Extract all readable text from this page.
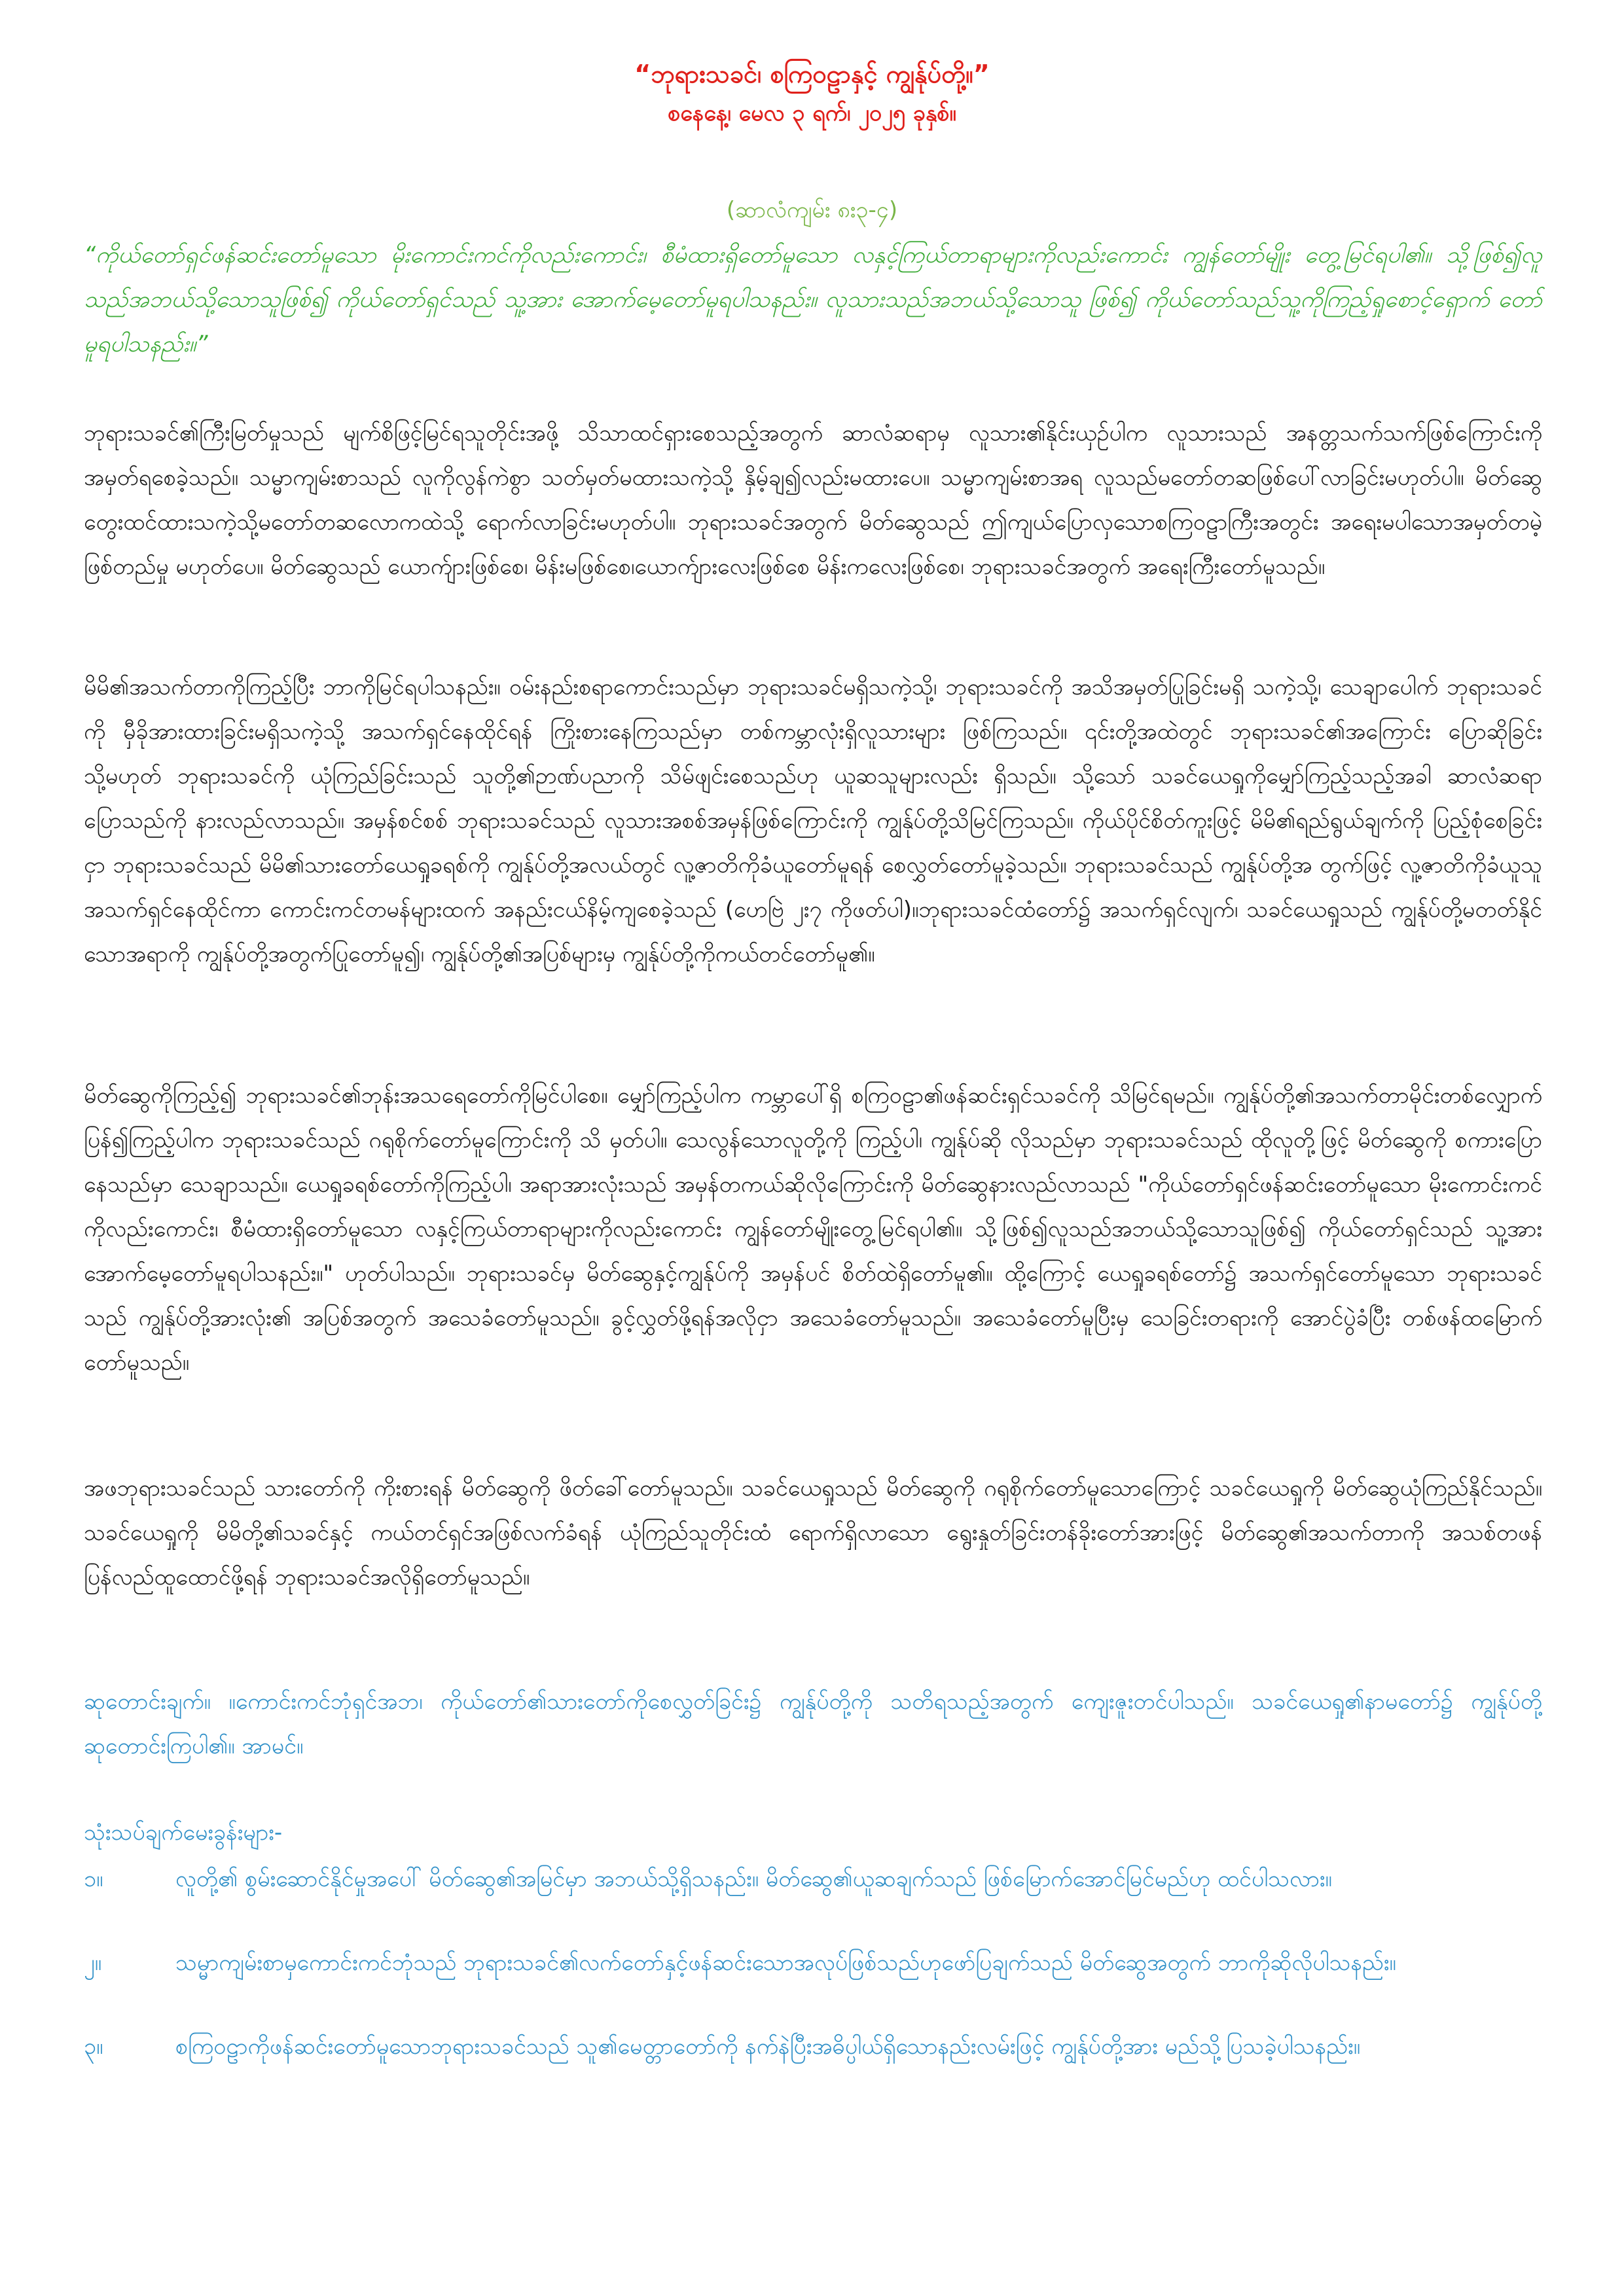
“ဘုရားသခင်၊ စကြဝဠာနှင့် ကျွန်ုပ်တို့။”
စနေနေ့၊ မေလ ၃ ရက်၊ ၂၀၂၅ ခုနှစ်။
(ဆာလံကျမ်း ၈း၃-၄)
“ကိုယ်တော်ရှင်ဖန်ဆင်းတော်မူသော မိုးကောင်းကင်ကိုလည်းကောင်း၊ စီမံထားရှိတော်မူသော လနှင့်ကြယ်တာရာများကိုလည်းကောင်း ကျွန်တော်မျိုး တွေ့မြင်ရပါ၏။ သို့ဖြစ်၍လူသည်အဘယ်သို့သောသူဖြစ်၍ ကိုယ်တော်ရှင်သည် သူ့အား အောက်မေ့တော်မူရပါသနည်း။ လူသားသည်အဘယ်သို့သောသူ ဖြစ်၍ ကိုယ်တော်သည်သူ့ကိုကြည့်ရှုစောင့်ရှောက် တော်မူရပါသနည်း။”
ဘုရားသခင်၏ကြီးမြတ်မှုသည် မျက်စိဖြင့်မြင်ရသူတိုင်းအဖို့ သိသာထင်ရှားစေသည့်အတွက် ဆာလံဆရာမှ လူသား၏နိုင်းယှဉ်ပါက လူသားသည် အနတ္တသက်သက်ဖြစ်ကြောင်းကို အမှတ်ရစေခဲ့သည်။ သမ္မာကျမ်းစာသည် လူကိုလွန်ကဲစွာ သတ်မှတ်မထားသကဲ့သို့ နှိမ့်ချ၍လည်းမထားပေ။ သမ္မာကျမ်းစာအရ လူသည်မတော်တဆဖြစ်ပေါ်လာခြင်းမဟုတ်ပါ။ မိတ်ဆွေတွေးထင်ထားသကဲ့သို့မတော်တဆလောကထဲသို့ ရောက်လာခြင်းမဟုတ်ပါ။ ဘုရားသခင်အတွက် မိတ်ဆွေသည် ဤကျယ်ပြောလှသောစကြဝဠာကြီးအတွင်း အရေးမပါသောအမှတ်တမဲ့ဖြစ်တည်မှု မဟုတ်ပေ။ မိတ်ဆွေသည် ယောက်ျားဖြစ်စေ၊ မိန်းမဖြစ်စေ၊ယောက်ျားလေးဖြစ်စေ မိန်းကလေးဖြစ်စေ၊ ဘုရားသခင်အတွက် အရေးကြီးတော်မူသည်။
မိမိ၏အသက်တာကိုကြည့်ပြီး ဘာကိုမြင်ရပါသနည်း။ ဝမ်းနည်းစရာကောင်းသည်မှာ ဘုရားသခင်မရှိသကဲ့သို့၊ ဘုရားသခင်ကို အသိအမှတ်ပြုခြင်းမရှိ သကဲ့သို့၊ သေချာပေါက် ဘုရားသခင်ကို မှီခိုအားထားခြင်းမရှိသကဲ့သို့ အသက်ရှင်နေထိုင်ရန် ကြိုးစားနေကြသည်မှာ တစ်ကမ္ဘာလုံးရှိလူသားများ ဖြစ်ကြသည်။ ၎င်းတို့အထဲတွင် ဘုရားသခင်၏အကြောင်း ပြောဆိုခြင်း သို့မဟုတ် ဘုရားသခင်ကို ယုံကြည်ခြင်းသည် သူတို့၏ဉာဏ်ပညာကို သိမ်ဖျင်းစေသည်ဟု ယူဆသူများလည်း ရှိသည်။ သို့သော် သခင်ယေရှုကိုမျှော်ကြည့်သည့်အခါ ဆာလံဆရာပြောသည်ကို နားလည်လာသည်။ အမှန်စင်စစ် ဘုရားသခင်သည် လူသားအစစ်အမှန်ဖြစ်ကြောင်းကို ကျွန်ုပ်တို့သိမြင်ကြသည်။ ကိုယ်ပိုင်စိတ်ကူးဖြင့် မိမိ၏ရည်ရွယ်ချက်ကို ပြည့်စုံစေခြင်းငှာ ဘုရားသခင်သည် မိမိ၏သားတော်ယေရှုခရစ်ကို ကျွန်ုပ်တို့အလယ်တွင် လူ့ဇာတိကိုခံယူတော်မူရန် စေလွှတ်တော်မူခဲ့သည်။ ဘုရားသခင်သည် ကျွန်ုပ်တို့အ တွက်ဖြင့် လူ့ဇာတိကိုခံယူသူအသက်ရှင်နေထိုင်ကာ ကောင်းကင်တမန်များထက် အနည်းငယ်နိမ့်ကျစေခဲ့သည် (ဟေဗြဲ ၂း၇ ကိုဖတ်ပါ)။ဘုရားသခင်ထံတော်၌ အသက်ရှင်လျက်၊ သခင်ယေရှုသည် ကျွန်ုပ်တို့မတတ်နိုင်သောအရာကို ကျွန်ုပ်တို့အတွက်ပြုတော်မူ၍၊ ကျွန်ုပ်တို့၏အပြစ်များမှ ကျွန်ုပ်တို့ကိုကယ်တင်တော်မူ၏။
မိတ်ဆွေကိုကြည့်၍ ဘုရားသခင်၏ဘုန်းအသရေတော်ကိုမြင်ပါစေ။ မျှော်ကြည့်ပါက ကမ္ဘာပေါ်ရှိ စကြဝဠာ၏ဖန်ဆင်းရှင်သခင်ကို သိမြင်ရမည်။ ကျွန်ုပ်တို့၏အသက်တာမိုင်းတစ်လျှောက် ပြန်၍ကြည့်ပါက ဘုရားသခင်သည် ဂရုစိုက်တော်မူကြောင်းကို သိ မှတ်ပါ။ သေလွန်သောလူတို့ကို ကြည့်ပါ၊ ကျွန်ုပ်ဆို လိုသည်မှာ ဘုရားသခင်သည် ထိုလူတို့ဖြင့် မိတ်ဆွေကို စကားပြောနေသည်မှာ သေချာသည်။ ယေရှုခရစ်တော်ကိုကြည့်ပါ၊ အရာအားလုံးသည် အမှန်တကယ်ဆိုလိုကြောင်းကို မိတ်ဆွေနားလည်လာသည် "ကိုယ်တော်ရှင်ဖန်ဆင်းတော်မူသော မိုးကောင်းကင်ကိုလည်းကောင်း၊ စီမံထားရှိတော်မူသော လနှင့်ကြယ်တာရာများကိုလည်းကောင်း ကျွန်တော်မျိုးတွေ့မြင်ရပါ၏။ သို့ဖြစ်၍လူသည်အဘယ်သို့သောသူဖြစ်၍ ကိုယ်တော်ရှင်သည် သူ့အားအောက်မေ့တော်မူရပါသနည်း။" ဟုတ်ပါသည်။ ဘုရားသခင်မှ မိတ်ဆွေနှင့်ကျွန်ုပ်ကို အမှန်ပင် စိတ်ထဲရှိတော်မူ၏။ ထို့ကြောင့် ယေရှုခရစ်တော်၌ အသက်ရှင်တော်မူသော ဘုရားသခင်သည် ကျွန်ုပ်တို့အားလုံး၏ အပြစ်အတွက် အသေခံတော်မူသည်။ ခွင့်လွှတ်ဖို့ရန်အလိုငှာ အသေခံတော်မူသည်။ အသေခံတော်မူပြီးမှ သေခြင်းတရားကို အောင်ပွဲခံပြီး တစ်ဖန်ထမြောက်တော်မူသည်။
အဖဘုရားသခင်သည် သားတော်ကို ကိုးစားရန် မိတ်ဆွေကို ဖိတ်ခေါ်တော်မူသည်။ သခင်ယေရှုသည် မိတ်ဆွေကို ဂရုစိုက်တော်မူသောကြောင့် သခင်ယေရှုကို မိတ်ဆွေယုံကြည်နိုင်သည်။ သခင်ယေရှုကို မိမိတို့၏သခင်နှင့် ကယ်တင်ရှင်အဖြစ်လက်ခံရန် ယုံကြည်သူတိုင်းထံ ရောက်ရှိလာသော ရွေးနှုတ်ခြင်းတန်ခိုးတော်အားဖြင့် မိတ်ဆွေ၏အသက်တာကို အသစ်တဖန် ပြန်လည်ထူထောင်ဖို့ရန် ဘုရားသခင်အလိုရှိတော်မူသည်။
ဆုတောင်းချက်။ ။ကောင်းကင်ဘုံရှင်အဘ၊ ကိုယ်တော်၏သားတော်ကိုစေလွှတ်ခြင်း၌ ကျွန်ုပ်တို့ကို သတိရသည့်အတွက် ကျေးဇူးတင်ပါသည်။ သခင်ယေရှု၏နာမတော်၌ ကျွန်ုပ်တို့ဆုတောင်းကြပါ၏။ အာမင်။
သုံးသပ်ချက်မေးခွန်းများ-
၁။	လူတို့၏ စွမ်းဆောင်နိုင်မှုအပေါ် မိတ်ဆွေ၏အမြင်မှာ အဘယ်သို့ရှိသနည်း။ မိတ်ဆွေ၏ယူဆချက်သည် ဖြစ်မြောက်အောင်မြင်မည်ဟု ထင်ပါသလား။
၂။	သမ္မာကျမ်းစာမှကောင်းကင်ဘုံသည် ဘုရားသခင်၏လက်တော်နှင့်ဖန်ဆင်းသောအလုပ်ဖြစ်သည်ဟုဖော်ပြချက်သည် မိတ်ဆွေအတွက် ဘာကိုဆိုလိုပါသနည်း။
၃။	စကြဝဠာကိုဖန်ဆင်းတော်မူသောဘုရားသခင်သည် သူ၏မေတ္တာတော်ကို နက်နဲပြီးအဓိပ္ပါယ်ရှိသောနည်းလမ်းဖြင့် ကျွန်ုပ်တို့အား မည်သို့ပြသခဲ့ပါသနည်း။
